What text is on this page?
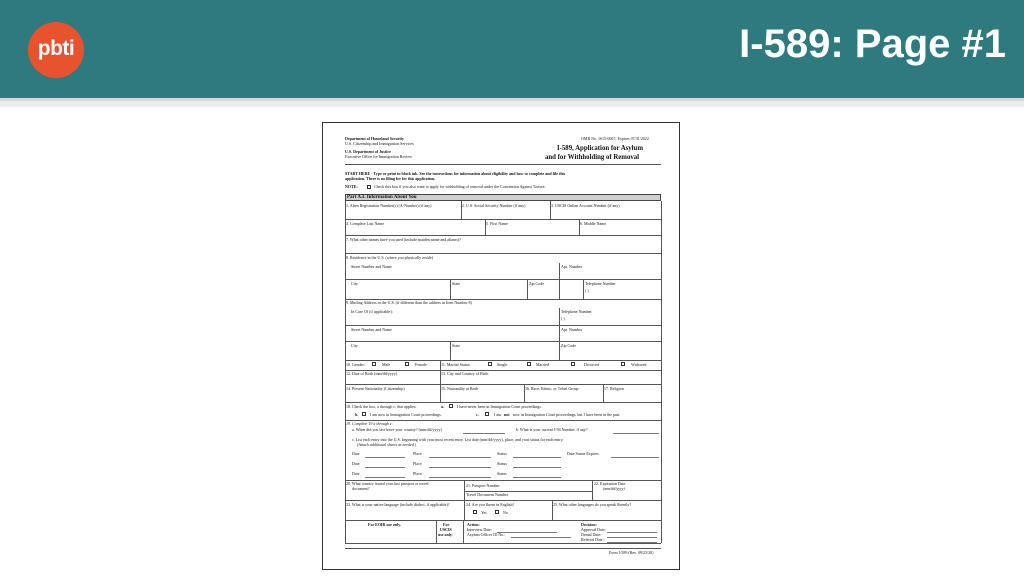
pbti	I-589: Page #1
Department of Homeland Security
U.S. Citizenship and Immigration Services
U.S. Department of Justice
Executive Office for Immigration Review
OMB No. 1615-0067; Expires 07/31/2022
I-589, Application for Asylum
and for Withholding of Removal
START HERE - Type or print in black ink. See the instructions for information about eligibility and how to complete and file this
application. There is no filing fee for this application.
NOTE:	Check this box if you also want to apply for withholding of removal under the Convention Against Torture.
Part A.I. Information About You
1. Alien Registration Number(s) (A-Number) (if any)	2. U.S. Social Security Number (if any)	3. USCIS Online Account Number (if any)
4. Complete Last Name	5. First Name	6. Middle Name
7. What other names have you used (include maiden name and aliases)?
8. Residence in the U.S. (where you physically reside)
Street Number and Name	Apt. Number
City	State	Zip Code	Telephone Number
( )
9. Mailing Address in the U.S. (if different than the address in Item Number 8)
In Care Of (if applicable):	Telephone Number
( )
Street Number and Name	Apt. Number
City	State	Zip Code
10. Gender:	Male	Female	11. Marital Status:	Single	Married	Divorced	Widowed
12. Date of Birth (mm/dd/yyyy)	13. City and Country of Birth
14. Present Nationality (Citizenship)	15. Nationality at Birth	16. Race, Ethnic, or Tribal Group	17. Religion
18. Check the box, a through c, that applies:	a.	I have never been in Immigration Court proceedings.
b.	I am now in Immigration Court proceedings.	c.	I am not now in Immigration Court proceedings, but I have been in the past.
19. Complete 19 a through c.
a. When did you last leave your country? (mm/dd/yyyy)	b. What is your current I-94 Number, if any?
c. List each entry into the U.S. beginning with your most recent entry. List date (mm/dd/yyyy), place, and your status for each entry.
(Attach additional sheets as needed.)
Date	Place	Status	Date Status Expires
Date	Place	Status
Date	Place	Status
20. What country issued your last passport or travel
document?
21. Passport Number
Travel Document Number
22. Expiration Date
(mm/dd/yyyy)
23. What is your native language (include dialect, if applicable)?	24. Are you fluent in English?
Yes	No
25. What other languages do you speak fluently?
For EOIR use only.	For
USCIS
use only.
Action:
Interview Date:
Asylum Officer ID No.:
Decision:
Approval Date:
Denial Date:
Referral Date:
Form I-589 (Rev. 09/23/20)
